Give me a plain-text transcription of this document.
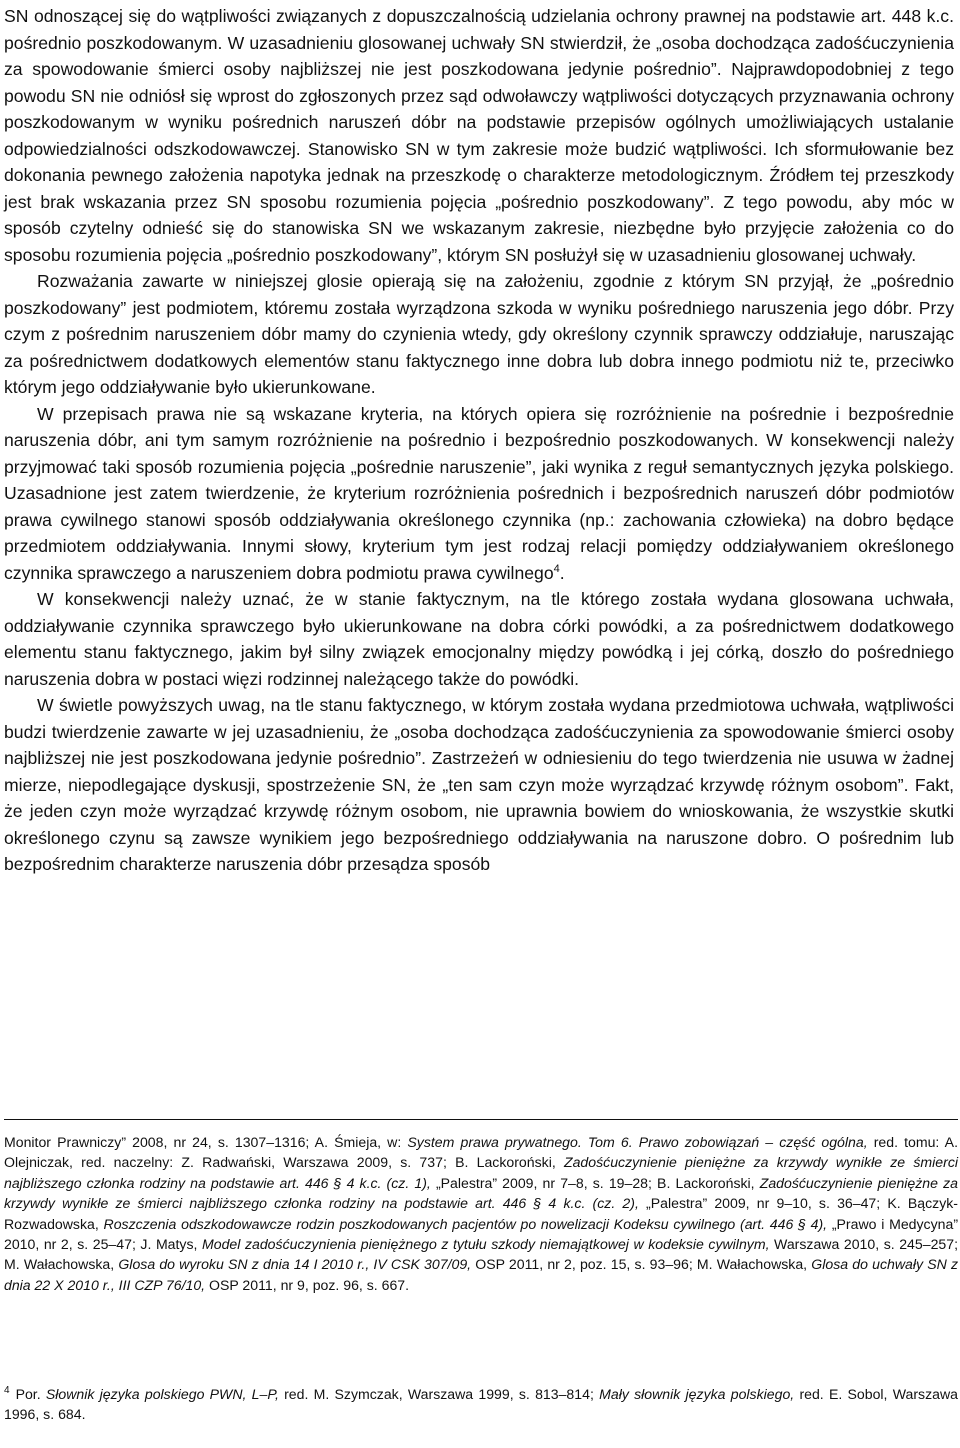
SN odnoszącej się do wątpliwości związanych z dopuszczalnością udzielania ochrony prawnej na podstawie art. 448 k.c. pośrednio poszkodowanym. W uzasadnieniu glosowanej uchwały SN stwierdził, że „osoba dochodząca zadośćuczynienia za spowodowanie śmierci osoby najbliższej nie jest poszkodowana jedynie pośrednio”. Najprawdopodobniej z tego powodu SN nie odniósł się wprost do zgłoszonych przez sąd odwoławczy wątpliwości dotyczących przyznawania ochrony poszkodowanym w wyniku pośrednich naruszeń dóbr na podstawie przepisów ogólnych umożliwiających ustalanie odpowiedzialności odszkodowawczej. Stanowisko SN w tym zakresie może budzić wątpliwości. Ich sformułowanie bez dokonania pewnego założenia napotyka jednak na przeszkodę o charakterze metodologicznym. Źródłem tej przeszkody jest brak wskazania przez SN sposobu rozumienia pojęcia „pośrednio poszkodowany”. Z tego powodu, aby móc w sposób czytelny odnieść się do stanowiska SN we wskazanym zakresie, niezbędne było przyjęcie założenia co do sposobu rozumienia pojęcia „pośrednio poszkodowany”, którym SN posłużył się w uzasadnieniu glosowanej uchwały.

Rozważania zawarte w niniejszej glosie opierają się na założeniu, zgodnie z którym SN przyjął, że „pośrednio poszkodowany” jest podmiotem, któremu została wyrządzona szkoda w wyniku pośredniego naruszenia jego dóbr. Przy czym z pośrednim naruszeniem dóbr mamy do czynienia wtedy, gdy określony czynnik sprawczy oddziałuje, naruszając za pośrednictwem dodatkowych elementów stanu faktycznego inne dobra lub dobra innego podmiotu niż te, przeciwko którym jego oddziaływanie było ukierunkowane.

W przepisach prawa nie są wskazane kryteria, na których opiera się rozróżnienie na pośrednie i bezpośrednie naruszenia dóbr, ani tym samym rozróżnienie na pośrednio i bezpośrednio poszkodowanych. W konsekwencji należy przyjmować taki sposób rozumienia pojęcia „pośrednie naruszenie”, jaki wynika z reguł semantycznych języka polskiego. Uzasadnione jest zatem twierdzenie, że kryterium rozróżnienia pośrednich i bezpośrednich naruszeń dóbr podmiotów prawa cywilnego stanowi sposób oddziaływania określonego czynnika (np.: zachowania człowieka) na dobro będące przedmiotem oddziaływania. Innymi słowy, kryterium tym jest rodzaj relacji pomiędzy oddziaływaniem określonego czynnika sprawczego a naruszeniem dobra podmiotu prawa cywilnego$^4$.

W konsekwencji należy uznać, że w stanie faktycznym, na tle którego została wydana glosowana uchwała, oddziaływanie czynnika sprawczego było ukierunkowane na dobra córki powódki, a za pośrednictwem dodatkowego elementu stanu faktycznego, jakim był silny związek emocjonalny między powódką i jej córką, doszło do pośredniego naruszenia dobra w postaci więzi rodzinnej należącego także do powódki.

W świetle powyższych uwag, na tle stanu faktycznego, w którym została wydana przedmiotowa uchwała, wątpliwości budzi twierdzenie zawarte w jej uzasadnieniu, że „osoba dochodząca zadośćuczynienia za spowodowanie śmierci osoby najbliższej nie jest poszkodowana jedynie pośrednio”. Zastrzeżeń w odniesieniu do tego twierdzenia nie usuwa w żadnej mierze, niepodlegające dyskusji, spostrzeżenie SN, że „ten sam czyn może wyrządzać krzywdę różnym osobom”. Fakt, że jeden czyn może wyrządzać krzywdę różnym osobom, nie uprawnia bowiem do wnioskowania, że wszystkie skutki określonego czynu są zawsze wynikiem jego bezpośredniego oddziaływania na naruszone dobro. O pośrednim lub bezpośrednim charakterze naruszenia dóbr przesądza sposób

Monitor Prawniczy” 2008, nr 24, s. 1307–1316; A. Śmieja, w: System prawa prywatnego. Tom 6. Prawo zobowiązań – część ogólna, red. tomu: A. Olejniczak, red. naczelny: Z. Radwański, Warszawa 2009, s. 737; B. Lackoroński, Zadośćuczynienie pieniężne za krzywdy wynikłe ze śmierci najbliższego członka rodziny na podstawie art. 446 § 4 k.c. (cz. 1), „Palestra” 2009, nr 7–8, s. 19–28; B. Lackoroński, Zadośćuczynienie pieniężne za krzywdy wynikłe ze śmierci najbliższego członka rodziny na podstawie art. 446 § 4 k.c. (cz. 2), „Palestra” 2009, nr 9–10, s. 36–47; K. Bączyk-Rozwadowska, Roszczenia odszkodowawcze rodzin poszkodowanych pacjentów po nowelizacji Kodeksu cywilnego (art. 446 § 4), „Prawo i Medycyna” 2010, nr 2, s. 25–47; J. Matys, Model zadośćuczynienia pieniężnego z tytułu szkody niemajątkowej w kodeksie cywilnym, Warszawa 2010, s. 245–257; M. Wałachowska, Glosa do wyroku SN z dnia 14 I 2010 r., IV CSK 307/09, OSP 2011, nr 2, poz. 15, s. 93–96; M. Wałachowska, Glosa do uchwały SN z dnia 22 X 2010 r., III CZP 76/10, OSP 2011, nr 9, poz. 96, s. 667.

$^4$ Por. Słownik języka polskiego PWN, L–P, red. M. Szymczak, Warszawa 1999, s. 813–814; Mały słownik języka polskiego, red. E. Sobol, Warszawa 1996, s. 684.
